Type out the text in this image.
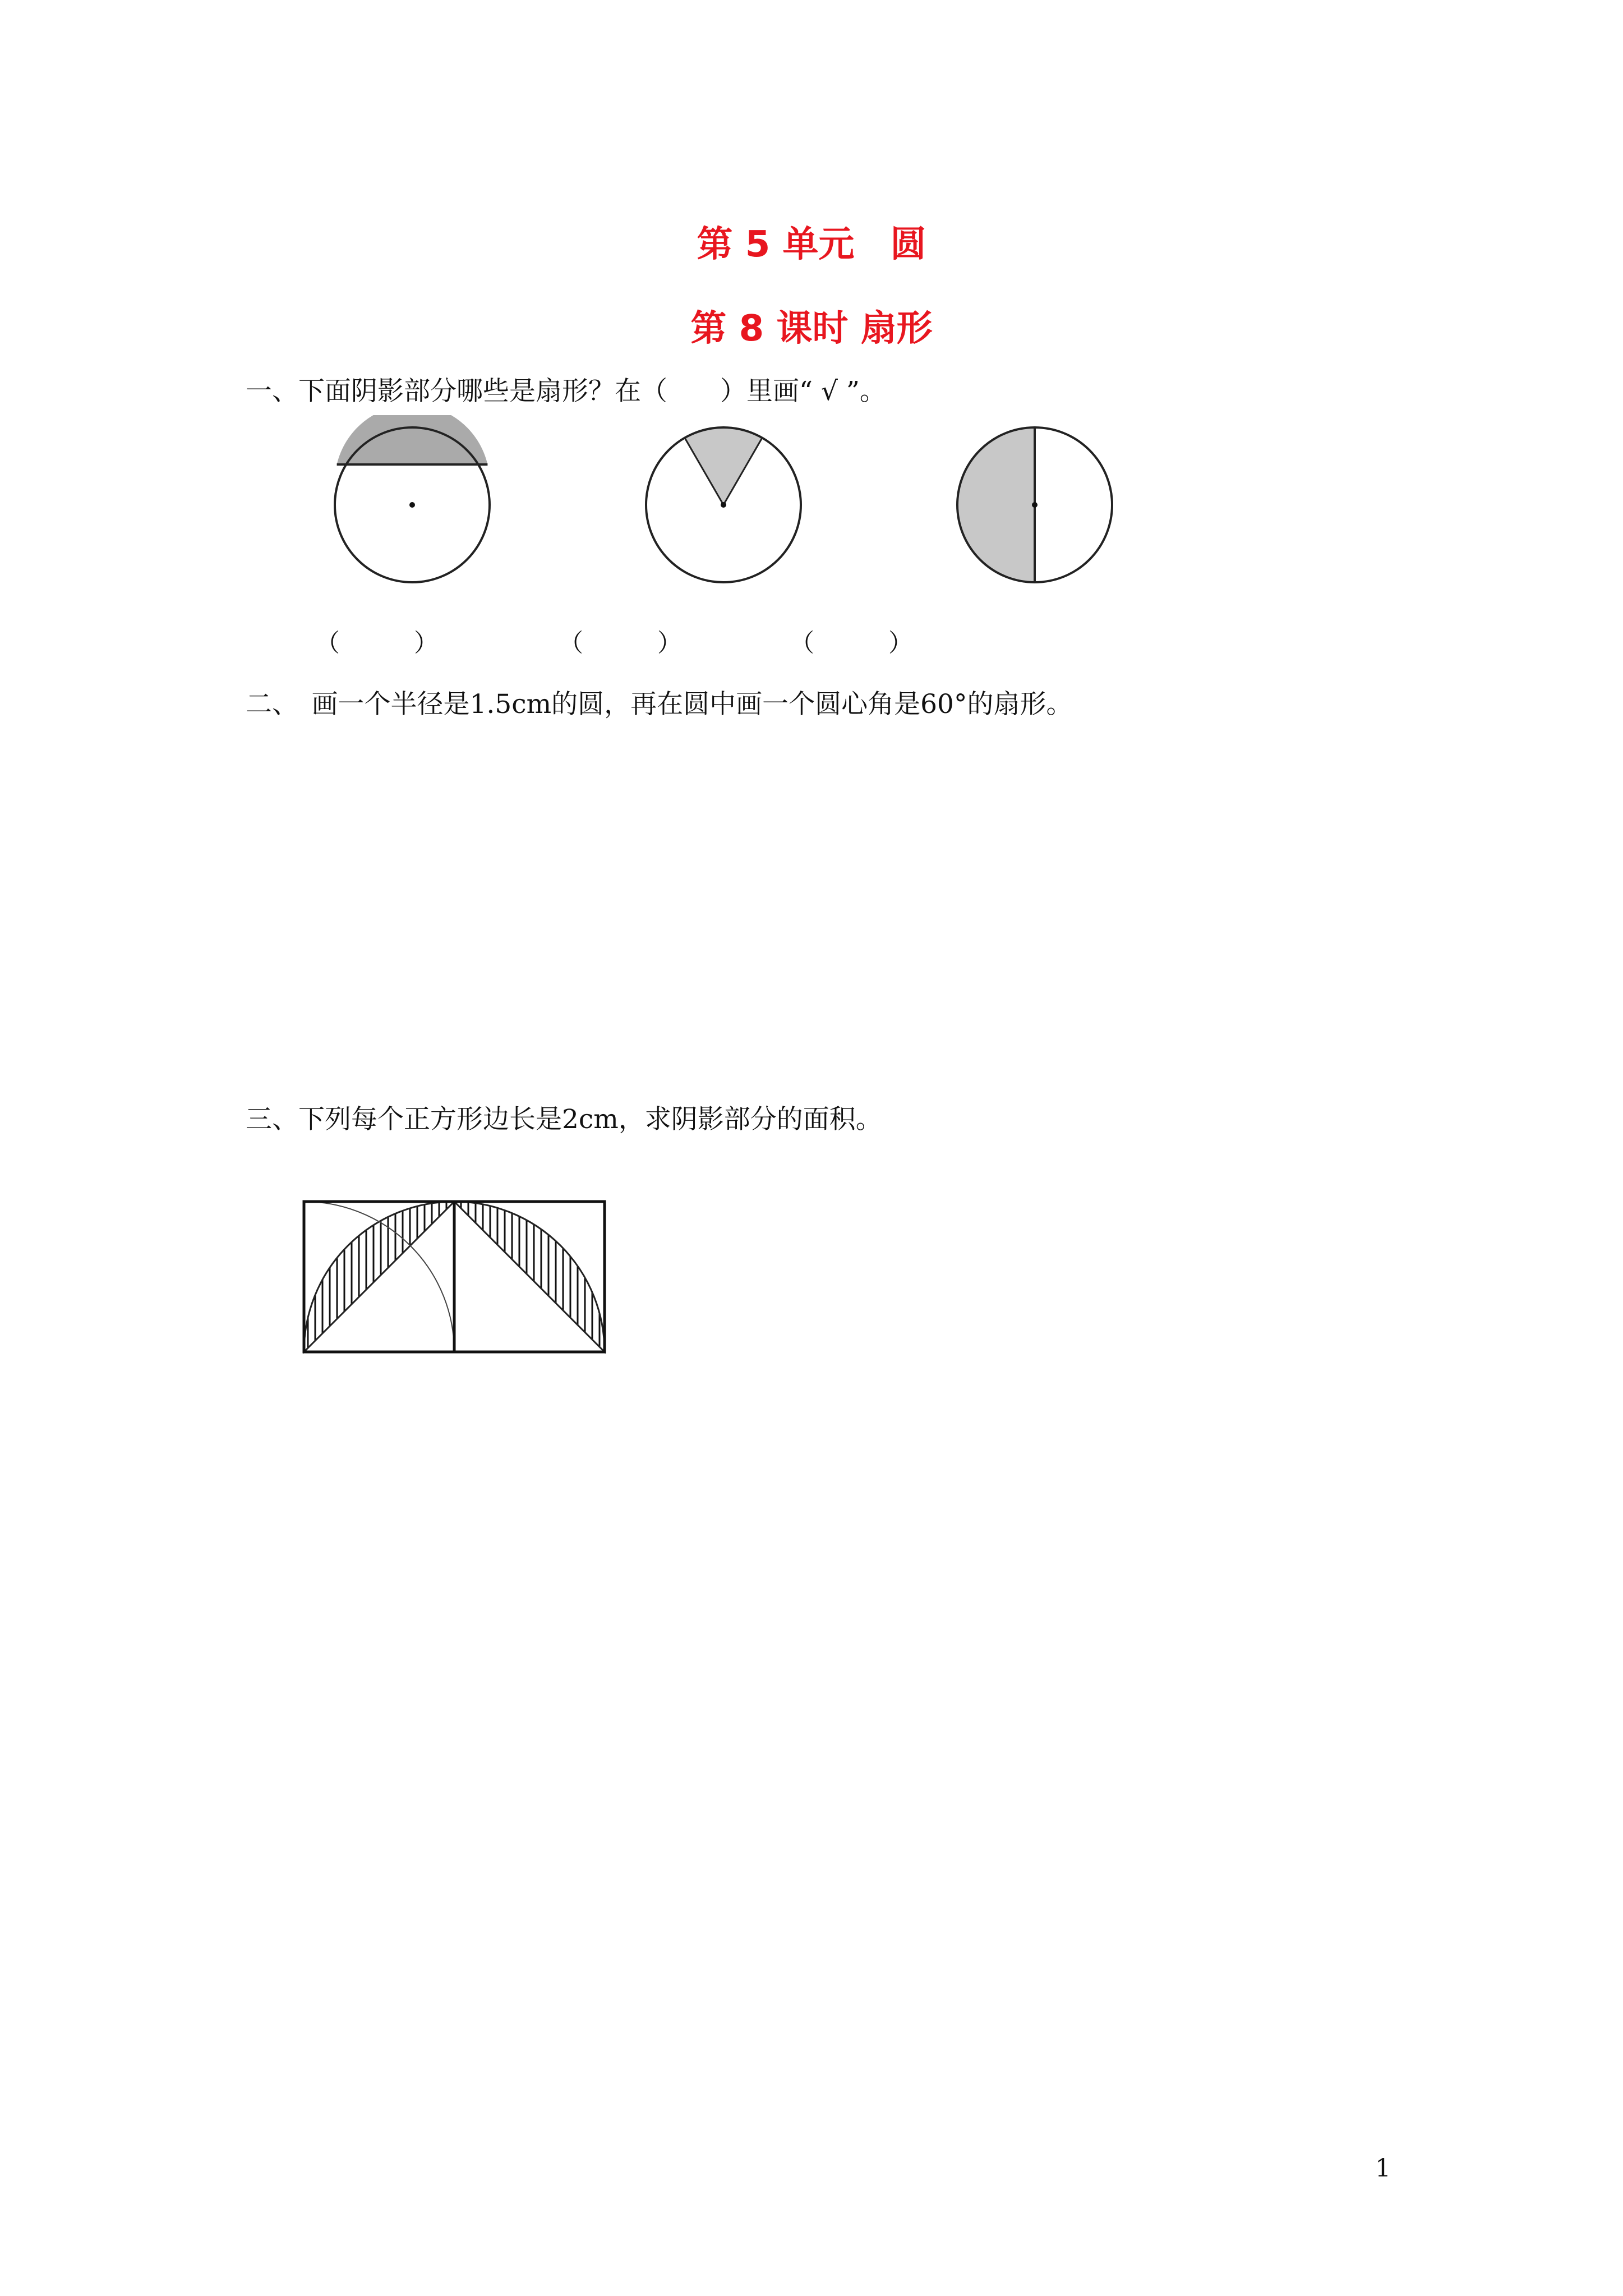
第 5 单元　圆
第 8 课时 扇形
一、下面阴影部分哪些是扇形？在（　　）里画“ √ ”。
（　　　）	（　　　）	（　　　）
二、　画一个半径是1.5cm的圆，再在圆中画一个圆心角是60°的扇形。
三、下列每个正方形边长是2cm，求阴影部分的面积。
1
